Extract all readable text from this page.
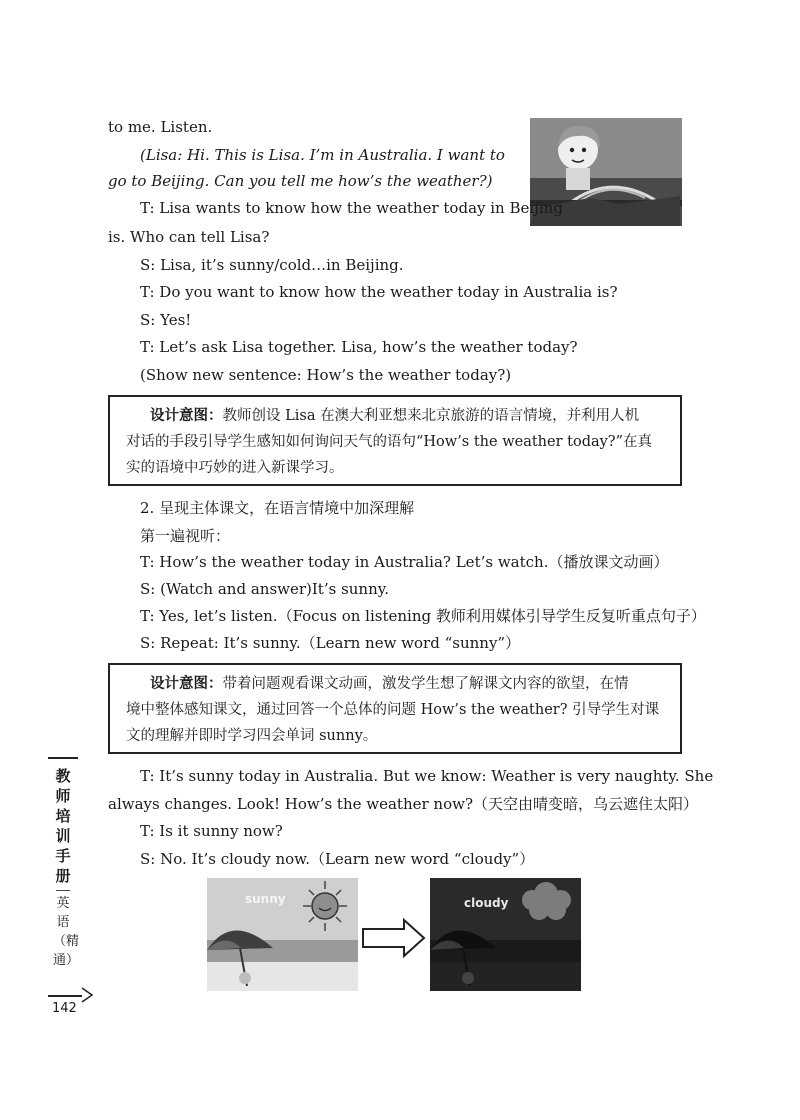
to me. Listen.
(Lisa: Hi. This is Lisa. I’m in Australia. I want to
go to Beijing. Can you tell me how’s the weather?)
T: Lisa wants to know how the weather today in Beijing
is. Who can tell Lisa?
S: Lisa, it’s sunny/cold…in Beijing.
T: Do you want to know how the weather today in Australia is?
S: Yes!
T: Let’s ask Lisa together. Lisa, how’s the weather today?
(Show new sentence: How’s the weather today?)
设计意图：教师创设 Lisa 在澳大利亚想来北京旅游的语言情境，并利用人机
对话的手段引导学生感知如何询问天气的语句“How’s the weather today?”在真
实的语境中巧妙的进入新课学习。
2. 呈现主体课文，在语言情境中加深理解
第一遍视听：
T: How’s the weather today in Australia? Let’s watch.（播放课文动画）
S: (Watch and answer)It’s sunny.
T: Yes, let’s listen.（Focus on listening 教师利用媒体引导学生反复听重点句子）
S: Repeat: It’s sunny.（Learn new word “sunny”）
设计意图：带着问题观看课文动画，激发学生想了解课文内容的欲望，在情
境中整体感知课文，通过回答一个总体的问题 How’s the weather? 引导学生对课
文的理解并即时学习四会单词 sunny。
T: It’s sunny today in Australia. But we know: Weather is very naughty. She
always changes. Look! How’s the weather now?（天空由晴变暗，乌云遮住太阳）
T: Is it sunny now?
S: No. It’s cloudy now.（Learn new word “cloudy”）
sunny	cloudy
教师培训手册
英语（精通）
142
